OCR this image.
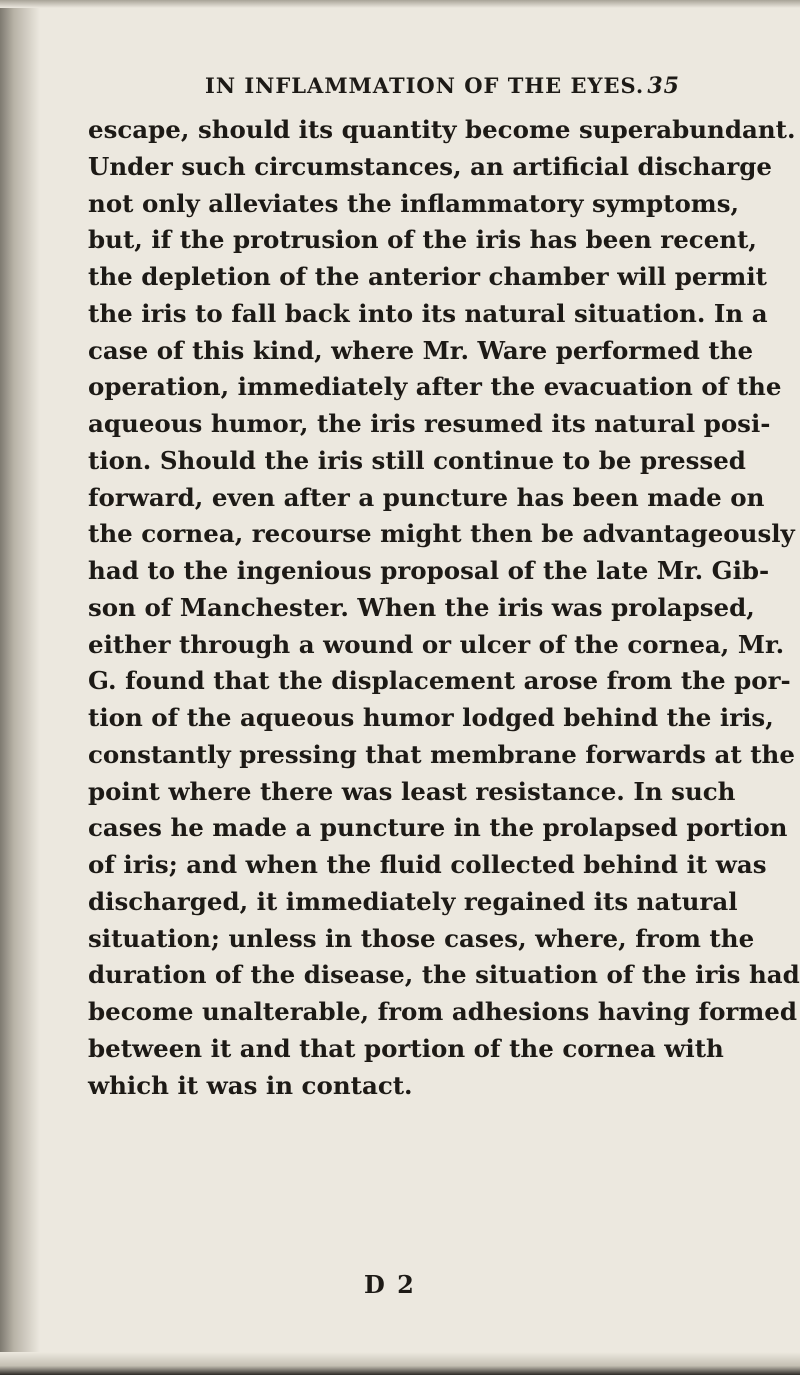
IN INFLAMMATION OF THE EYES. 35
escape, should its quantity become superabundant.
Under such circumstances, an artificial discharge
not only alleviates the inflammatory symptoms,
but, if the protrusion of the iris has been recent,
the depletion of the anterior chamber will permit
the iris to fall back into its natural situation. In a
case of this kind, where Mr. Ware performed the
operation, immediately after the evacuation of the
aqueous humor, the iris resumed its natural posi-
tion. Should the iris still continue to be pressed
forward, even after a puncture has been made on
the cornea, recourse might then be advantageously
had to the ingenious proposal of the late Mr. Gib-
son of Manchester. When the iris was prolapsed,
either through a wound or ulcer of the cornea, Mr.
G. found that the displacement arose from the por-
tion of the aqueous humor lodged behind the iris,
constantly pressing that membrane forwards at the
point where there was least resistance. In such
cases he made a puncture in the prolapsed portion
of iris; and when the fluid collected behind it was
discharged, it immediately regained its natural
situation; unless in those cases, where, from the
duration of the disease, the situation of the iris had
become unalterable, from adhesions having formed
between it and that portion of the cornea with
which it was in contact.
D 2
